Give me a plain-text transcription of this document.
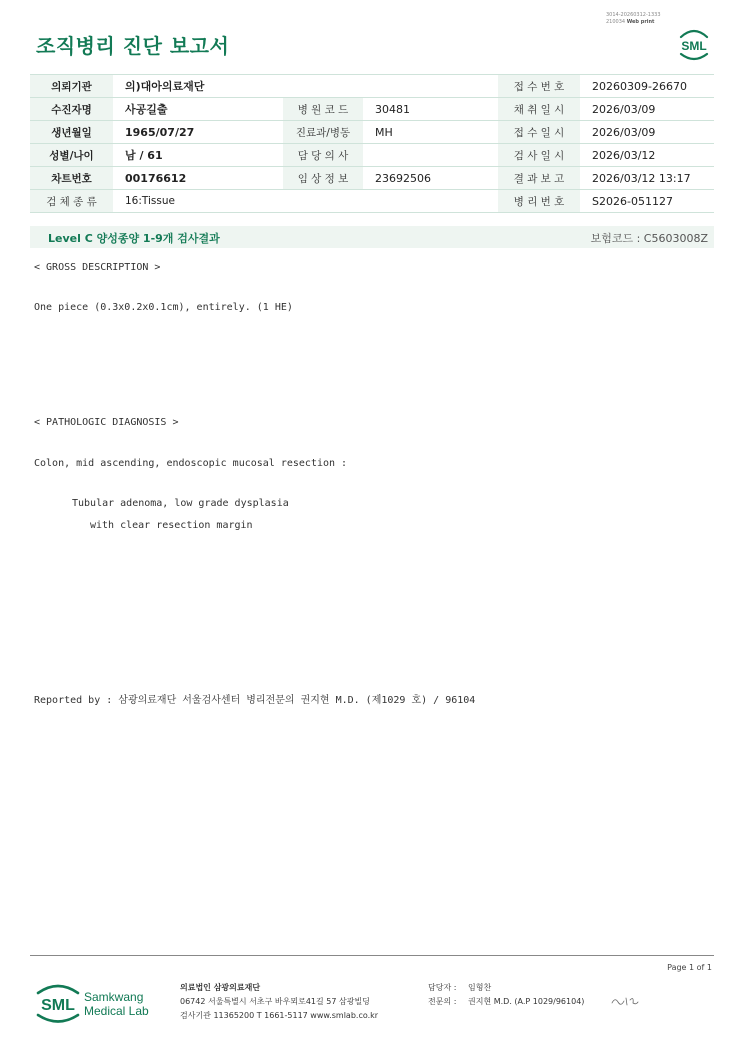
3014-20260312-1333
210034 Web print
조직병리 진단 보고서	SML
의뢰기관	의)대아의료재단			접 수 번 호	20260309-26670
수진자명	사공길출	병 원 코 드	30481	채 취 일 시	2026/03/09
생년월일	1965/07/27	진료과/병동	MH	접 수 일 시	2026/03/09
성별/나이	남 / 61	담 당 의 사		검 사 일 시	2026/03/12
차트번호	00176612	임 상 정 보	23692506	결 과 보 고	2026/03/12 13:17
검 체 종 류	16:Tissue			병 리 번 호	S2026-051127
Level C 양성종양 1-9개 검사결과	보험코드 : C5603008Z
< GROSS DESCRIPTION >
One piece (0.3x0.2x0.1cm), entirely. (1 HE)
< PATHOLOGIC DIAGNOSIS >
Colon, mid ascending, endoscopic mucosal resection :
Tubular adenoma, low grade dysplasia
with clear resection margin
Reported by : 삼광의료재단 서울검사센터 병리전문의 권지현 M.D. (제1029 호) / 96104
Page 1 of 1
SML Samkwang
Medical Lab
의료법인 삼광의료재단
06742 서울특별시 서초구 바우뫼로41길 57 삼광빌딩
검사기관 11365200 T 1661-5117 www.smlab.co.kr
담당자 : 임형찬
전문의 : 권지현 M.D. (A.P 1029/96104)
